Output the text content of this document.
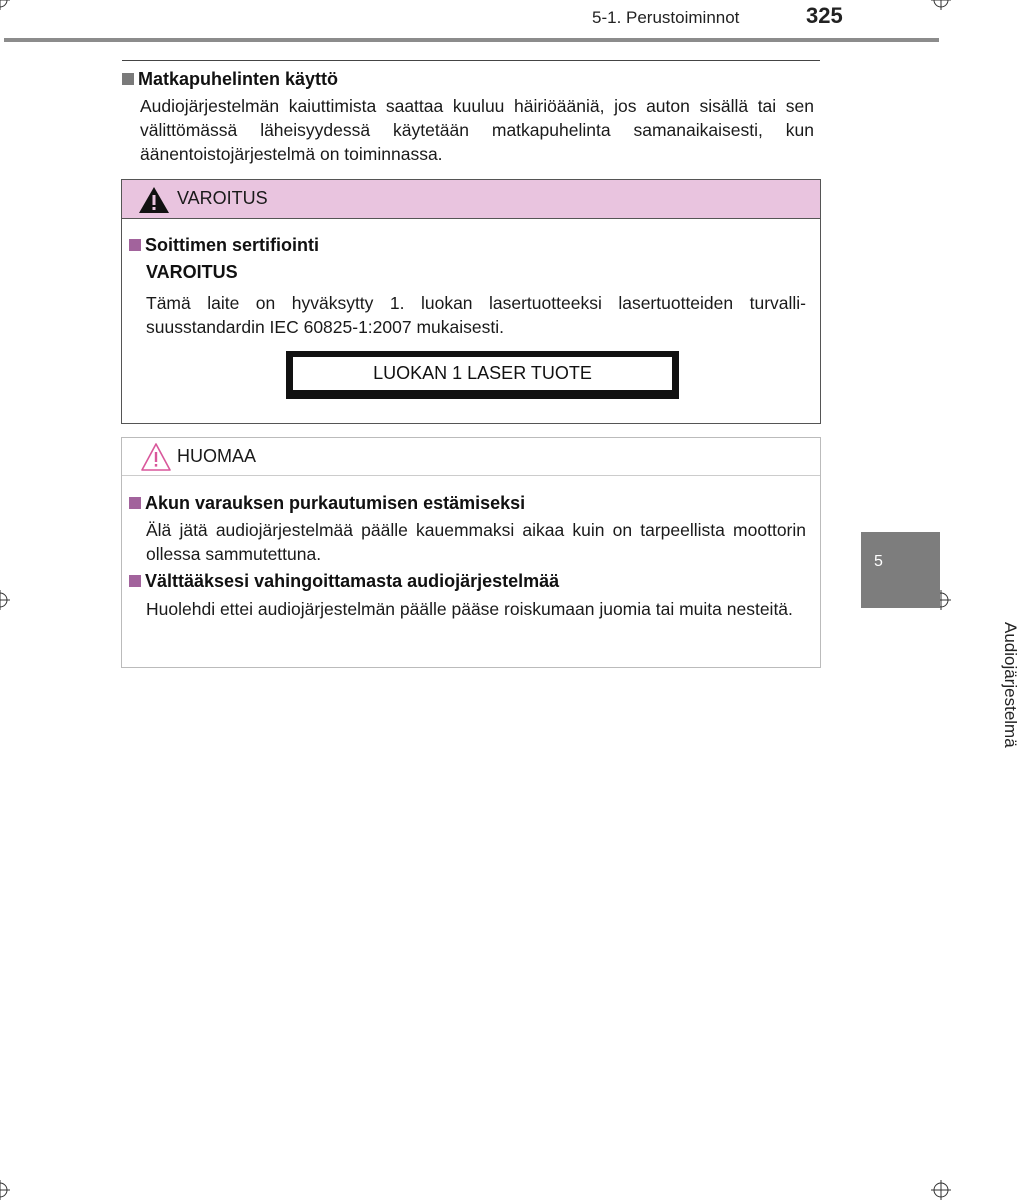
5-1. Perustoiminnot	325
Matkapuhelinten käyttö
Audiojärjestelmän kaiuttimista saattaa kuuluu häiriöääniä, jos auton sisällä tai sen välittömässä läheisyydessä käytetään matkapuhelinta samanaikaisesti, kun äänentoistojärjestelmä on toiminnassa.
VAROITUS
Soittimen sertifiointi
VAROITUS
Tämä laite on hyväksytty 1. luokan lasertuotteeksi lasertuotteiden turvalli-
suusstandardin IEC 60825-1:2007 mukaisesti.
LUOKAN 1 LASER TUOTE
HUOMAA
Akun varauksen purkautumisen estämiseksi
Älä jätä audiojärjestelmää päälle kauemmaksi aikaa kuin on tarpeellista moottorin ollessa sammutettuna.
Välttääksesi vahingoittamasta audiojärjestelmää
Huolehdi ettei audiojärjestelmän päälle pääse roiskumaan juomia tai muita nesteitä.
5
Audiojärjestelmä
